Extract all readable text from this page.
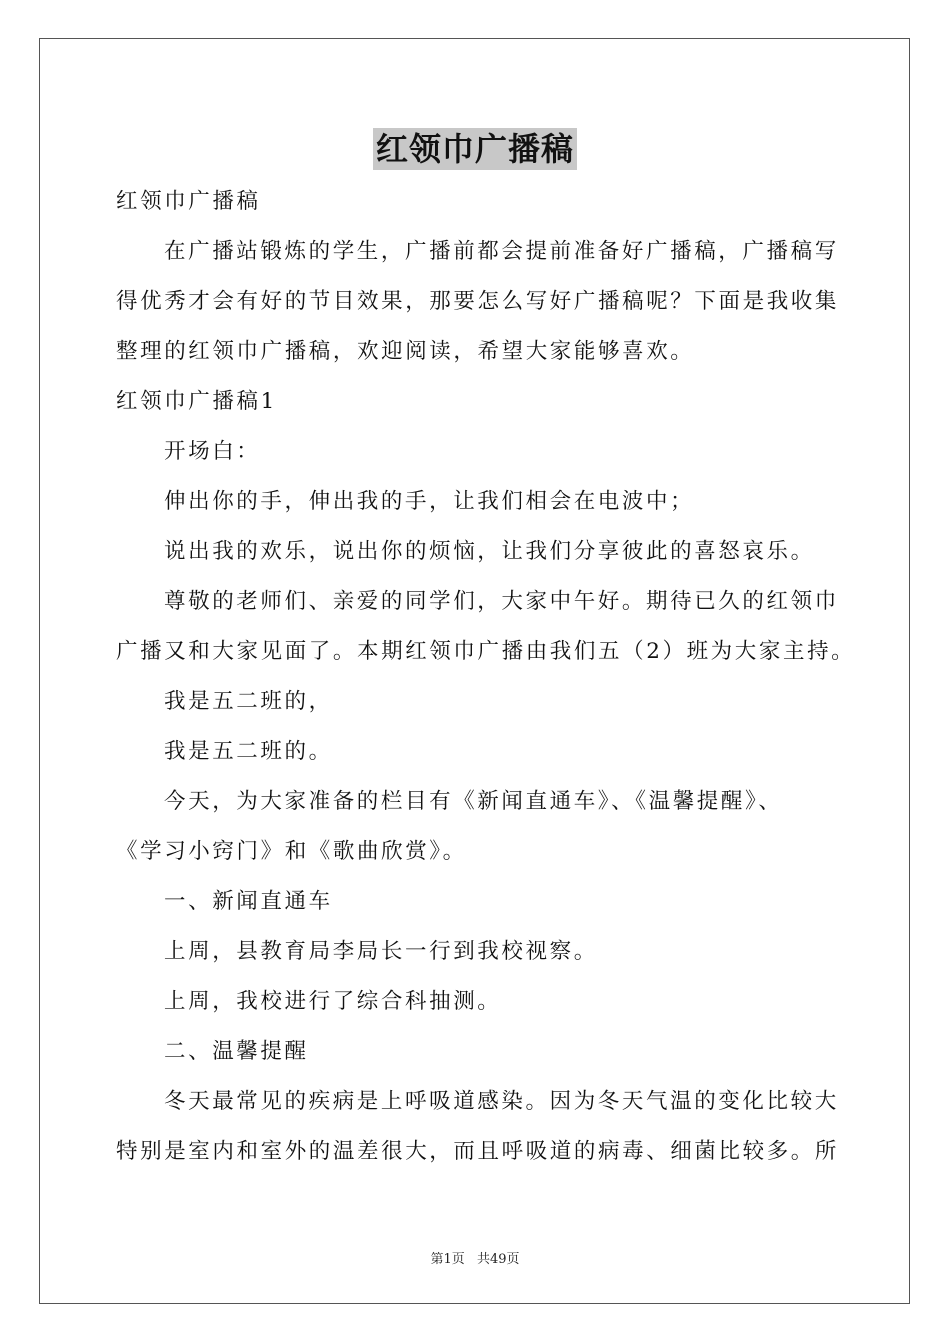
红领巾广播稿
红领巾广播稿
在广播站锻炼的学生，广播前都会提前准备好广播稿，广播稿写
得优秀才会有好的节目效果，那要怎么写好广播稿呢？下面是我收集
整理的红领巾广播稿，欢迎阅读，希望大家能够喜欢。
红领巾广播稿1
开场白：
伸出你的手，伸出我的手，让我们相会在电波中；
说出我的欢乐，说出你的烦恼，让我们分享彼此的喜怒哀乐。
尊敬的老师们、亲爱的同学们，大家中午好。期待已久的红领巾
广播又和大家见面了。本期红领巾广播由我们五（2）班为大家主持。
我是五二班的，
我是五二班的。
今天，为大家准备的栏目有《新闻直通车》、《温馨提醒》、
《学习小窍门》和《歌曲欣赏》。
一、新闻直通车
上周，县教育局李局长一行到我校视察。
上周，我校进行了综合科抽测。
二、温馨提醒
冬天最常见的疾病是上呼吸道感染。因为冬天气温的变化比较大
特别是室内和室外的温差很大，而且呼吸道的病毒、细菌比较多。所
第1页 共49页
